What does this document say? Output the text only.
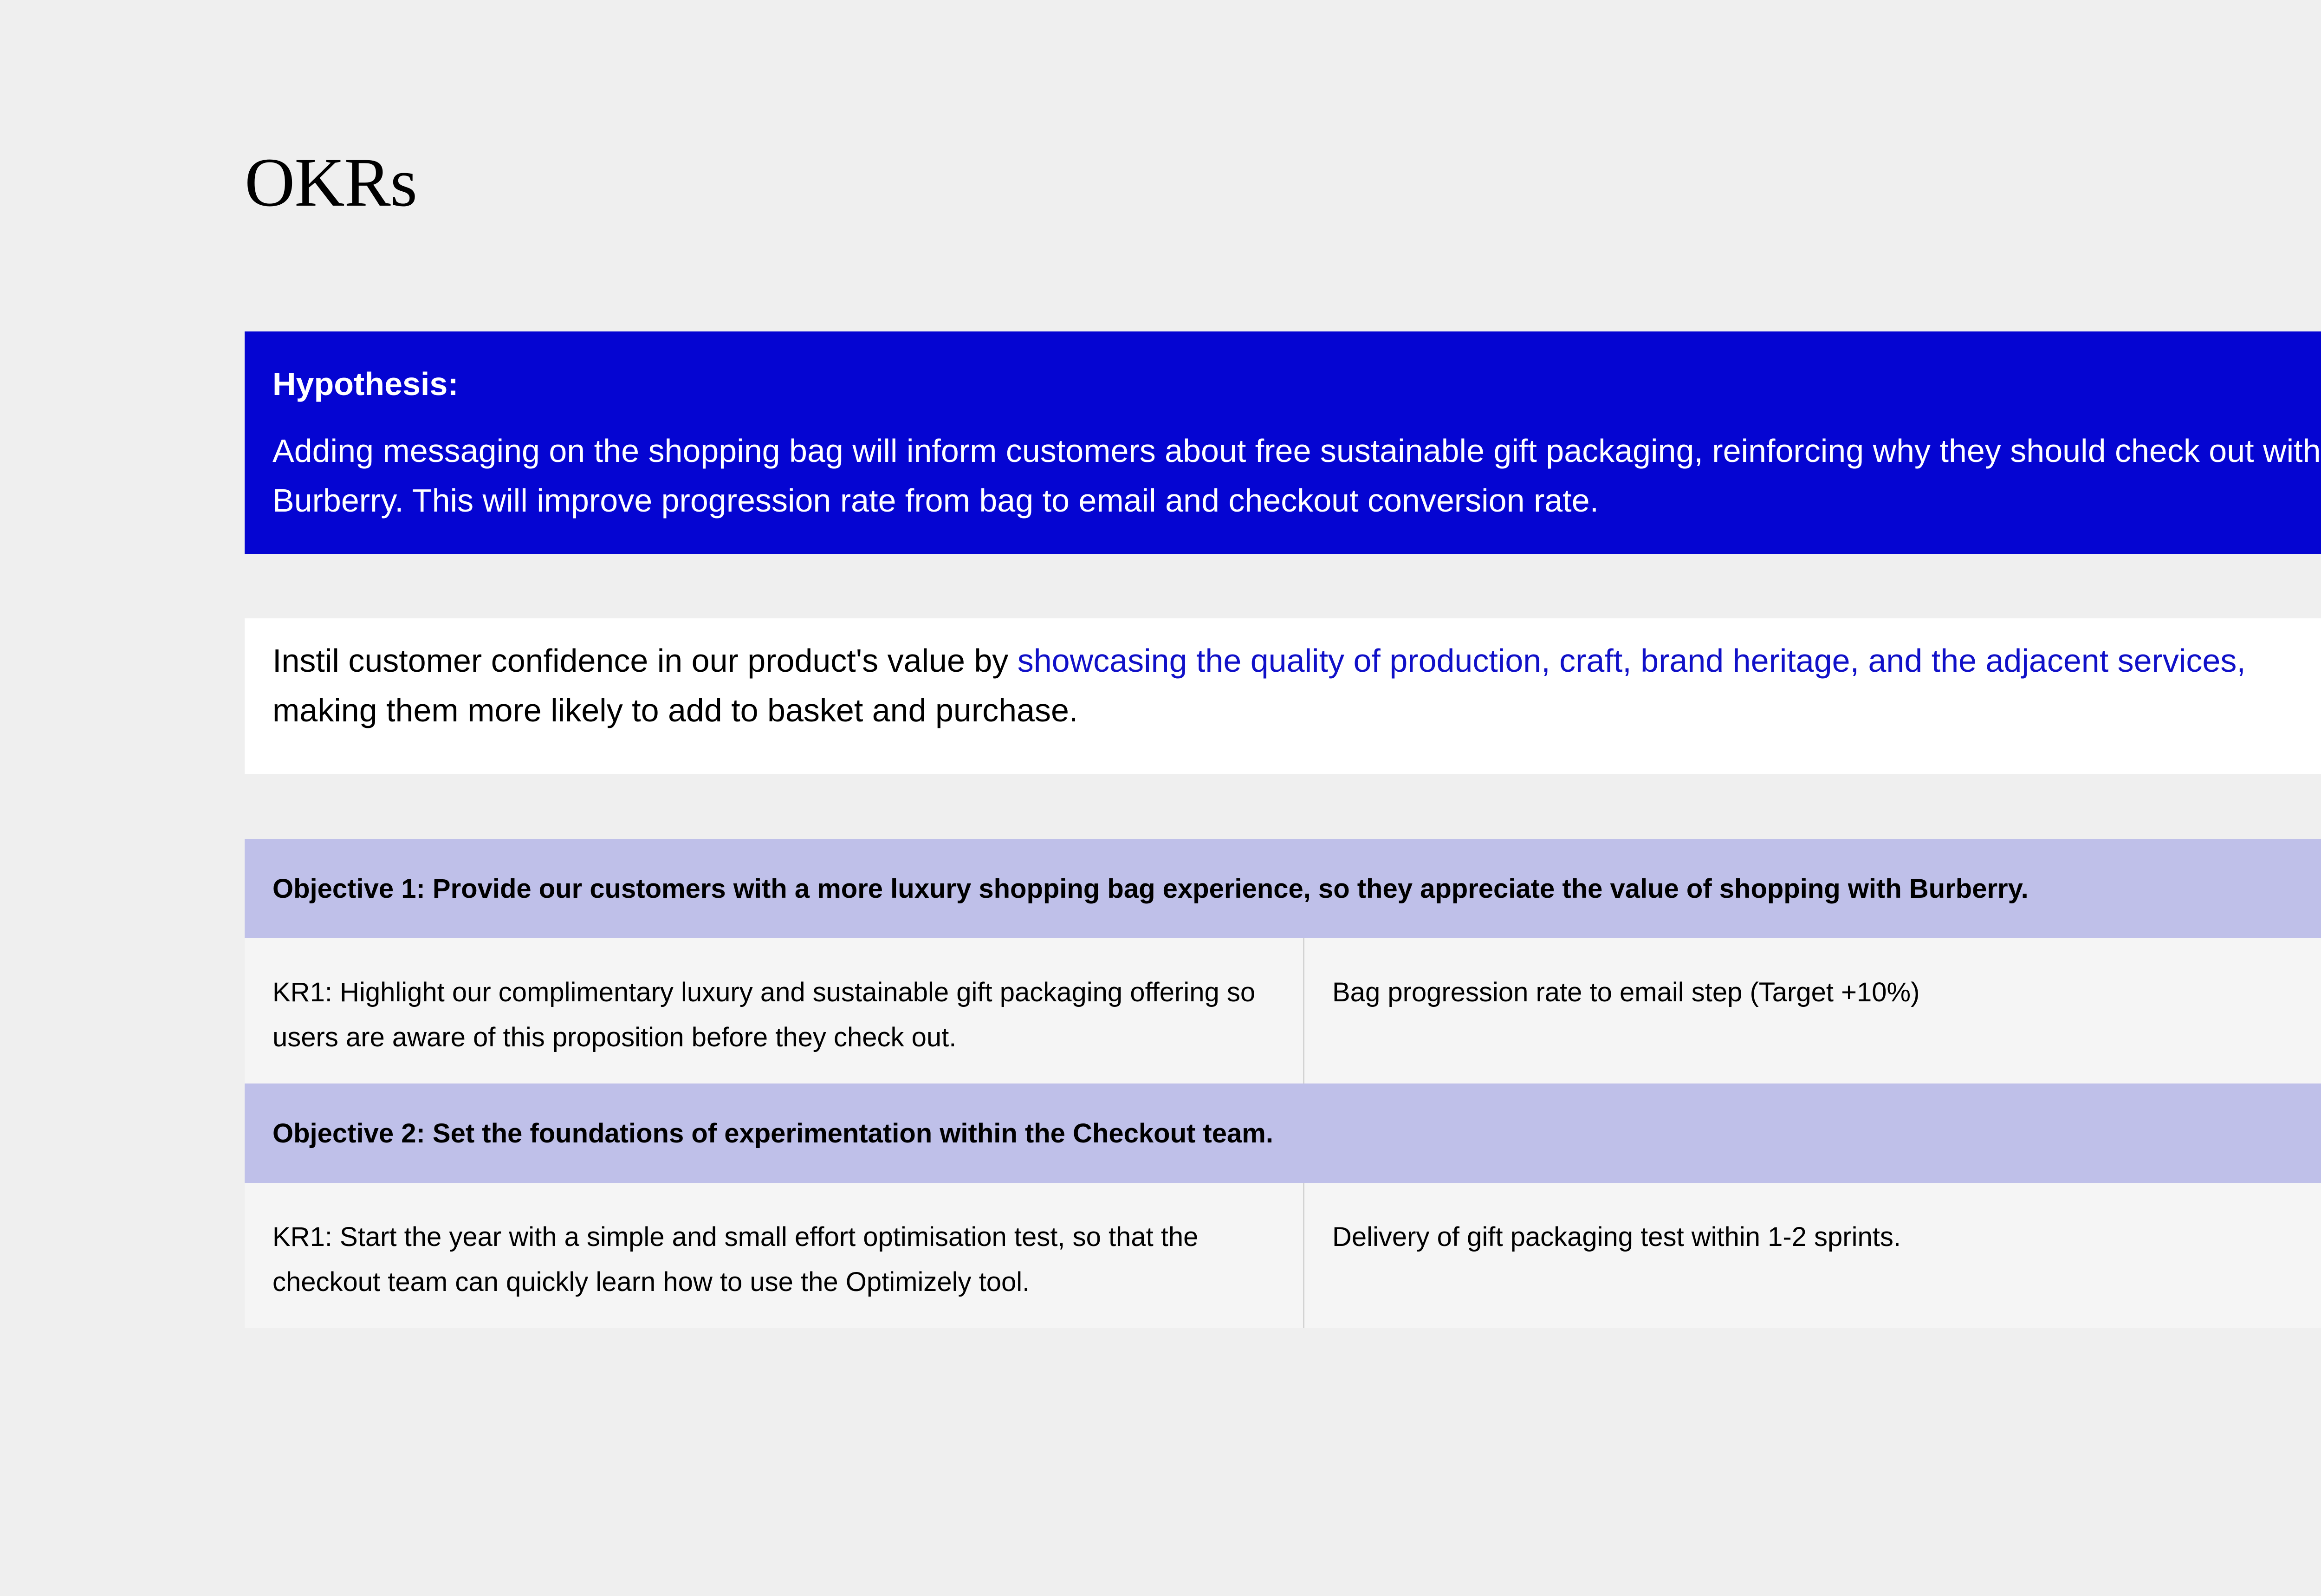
OKRs

Hypothesis:

Adding messaging on the shopping bag will inform customers about free sustainable gift packaging, reinforcing why they should check out with Burberry. This will improve progression rate from bag to email and checkout conversion rate.

Instil customer confidence in our product's value by showcasing the quality of production, craft, brand heritage, and the adjacent services, making them more likely to add to basket and purchase.
Objective 1: Provide our customers with a more luxury shopping bag experience, so they appreciate the value of shopping with Burberry.
KR1: Highlight our complimentary luxury and sustainable gift packaging offering so users are aware of this proposition before they check out.
Bag progression rate to email step (Target +10%)
Objective 2: Set the foundations of experimentation within the Checkout team.
KR1: Start the year with a simple and small effort optimisation test, so that the checkout team can quickly learn how to use the Optimizely tool.
Delivery of gift packaging test within 1-2 sprints.
